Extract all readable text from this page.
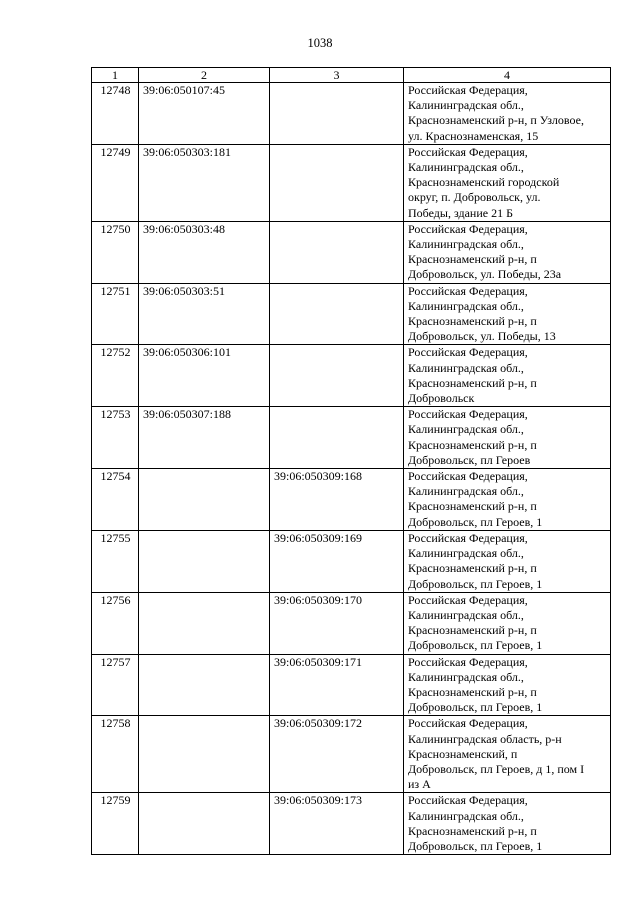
1038
1	2	3	4
12748	39:06:050107:45		Российская Федерация,
Калининградская обл.,
Краснознаменский р-н, п Узловое,
ул. Краснознаменская, 15

12749	39:06:050303:181		Российская Федерация,
Калининградская обл.,
Краснознаменский городской
округ, п. Добровольск, ул.
Победы, здание 21 Б

12750	39:06:050303:48		Российская Федерация,
Калининградская обл.,
Краснознаменский р-н, п
Добровольск, ул. Победы, 23а

12751	39:06:050303:51		Российская Федерация,
Калининградская обл.,
Краснознаменский р-н, п
Добровольск, ул. Победы, 13

12752	39:06:050306:101		Российская Федерация,
Калининградская обл.,
Краснознаменский р-н, п
Добровольск

12753	39:06:050307:188		Российская Федерация,
Калининградская обл.,
Краснознаменский р-н, п
Добровольск, пл Героев

12754		39:06:050309:168	Российская Федерация,
Калининградская обл.,
Краснознаменский р-н, п
Добровольск, пл Героев, 1

12755		39:06:050309:169	Российская Федерация,
Калининградская обл.,
Краснознаменский р-н, п
Добровольск, пл Героев, 1

12756		39:06:050309:170	Российская Федерация,
Калининградская обл.,
Краснознаменский р-н, п
Добровольск, пл Героев, 1

12757		39:06:050309:171	Российская Федерация,
Калининградская обл.,
Краснознаменский р-н, п
Добровольск, пл Героев, 1

12758		39:06:050309:172	Российская Федерация,
Калининградская область, р-н
Краснознаменский, п
Добровольск, пл Героев, д 1, пом I
из А

12759		39:06:050309:173	Российская Федерация,
Калининградская обл.,
Краснознаменский р-н, п
Добровольск, пл Героев, 1
